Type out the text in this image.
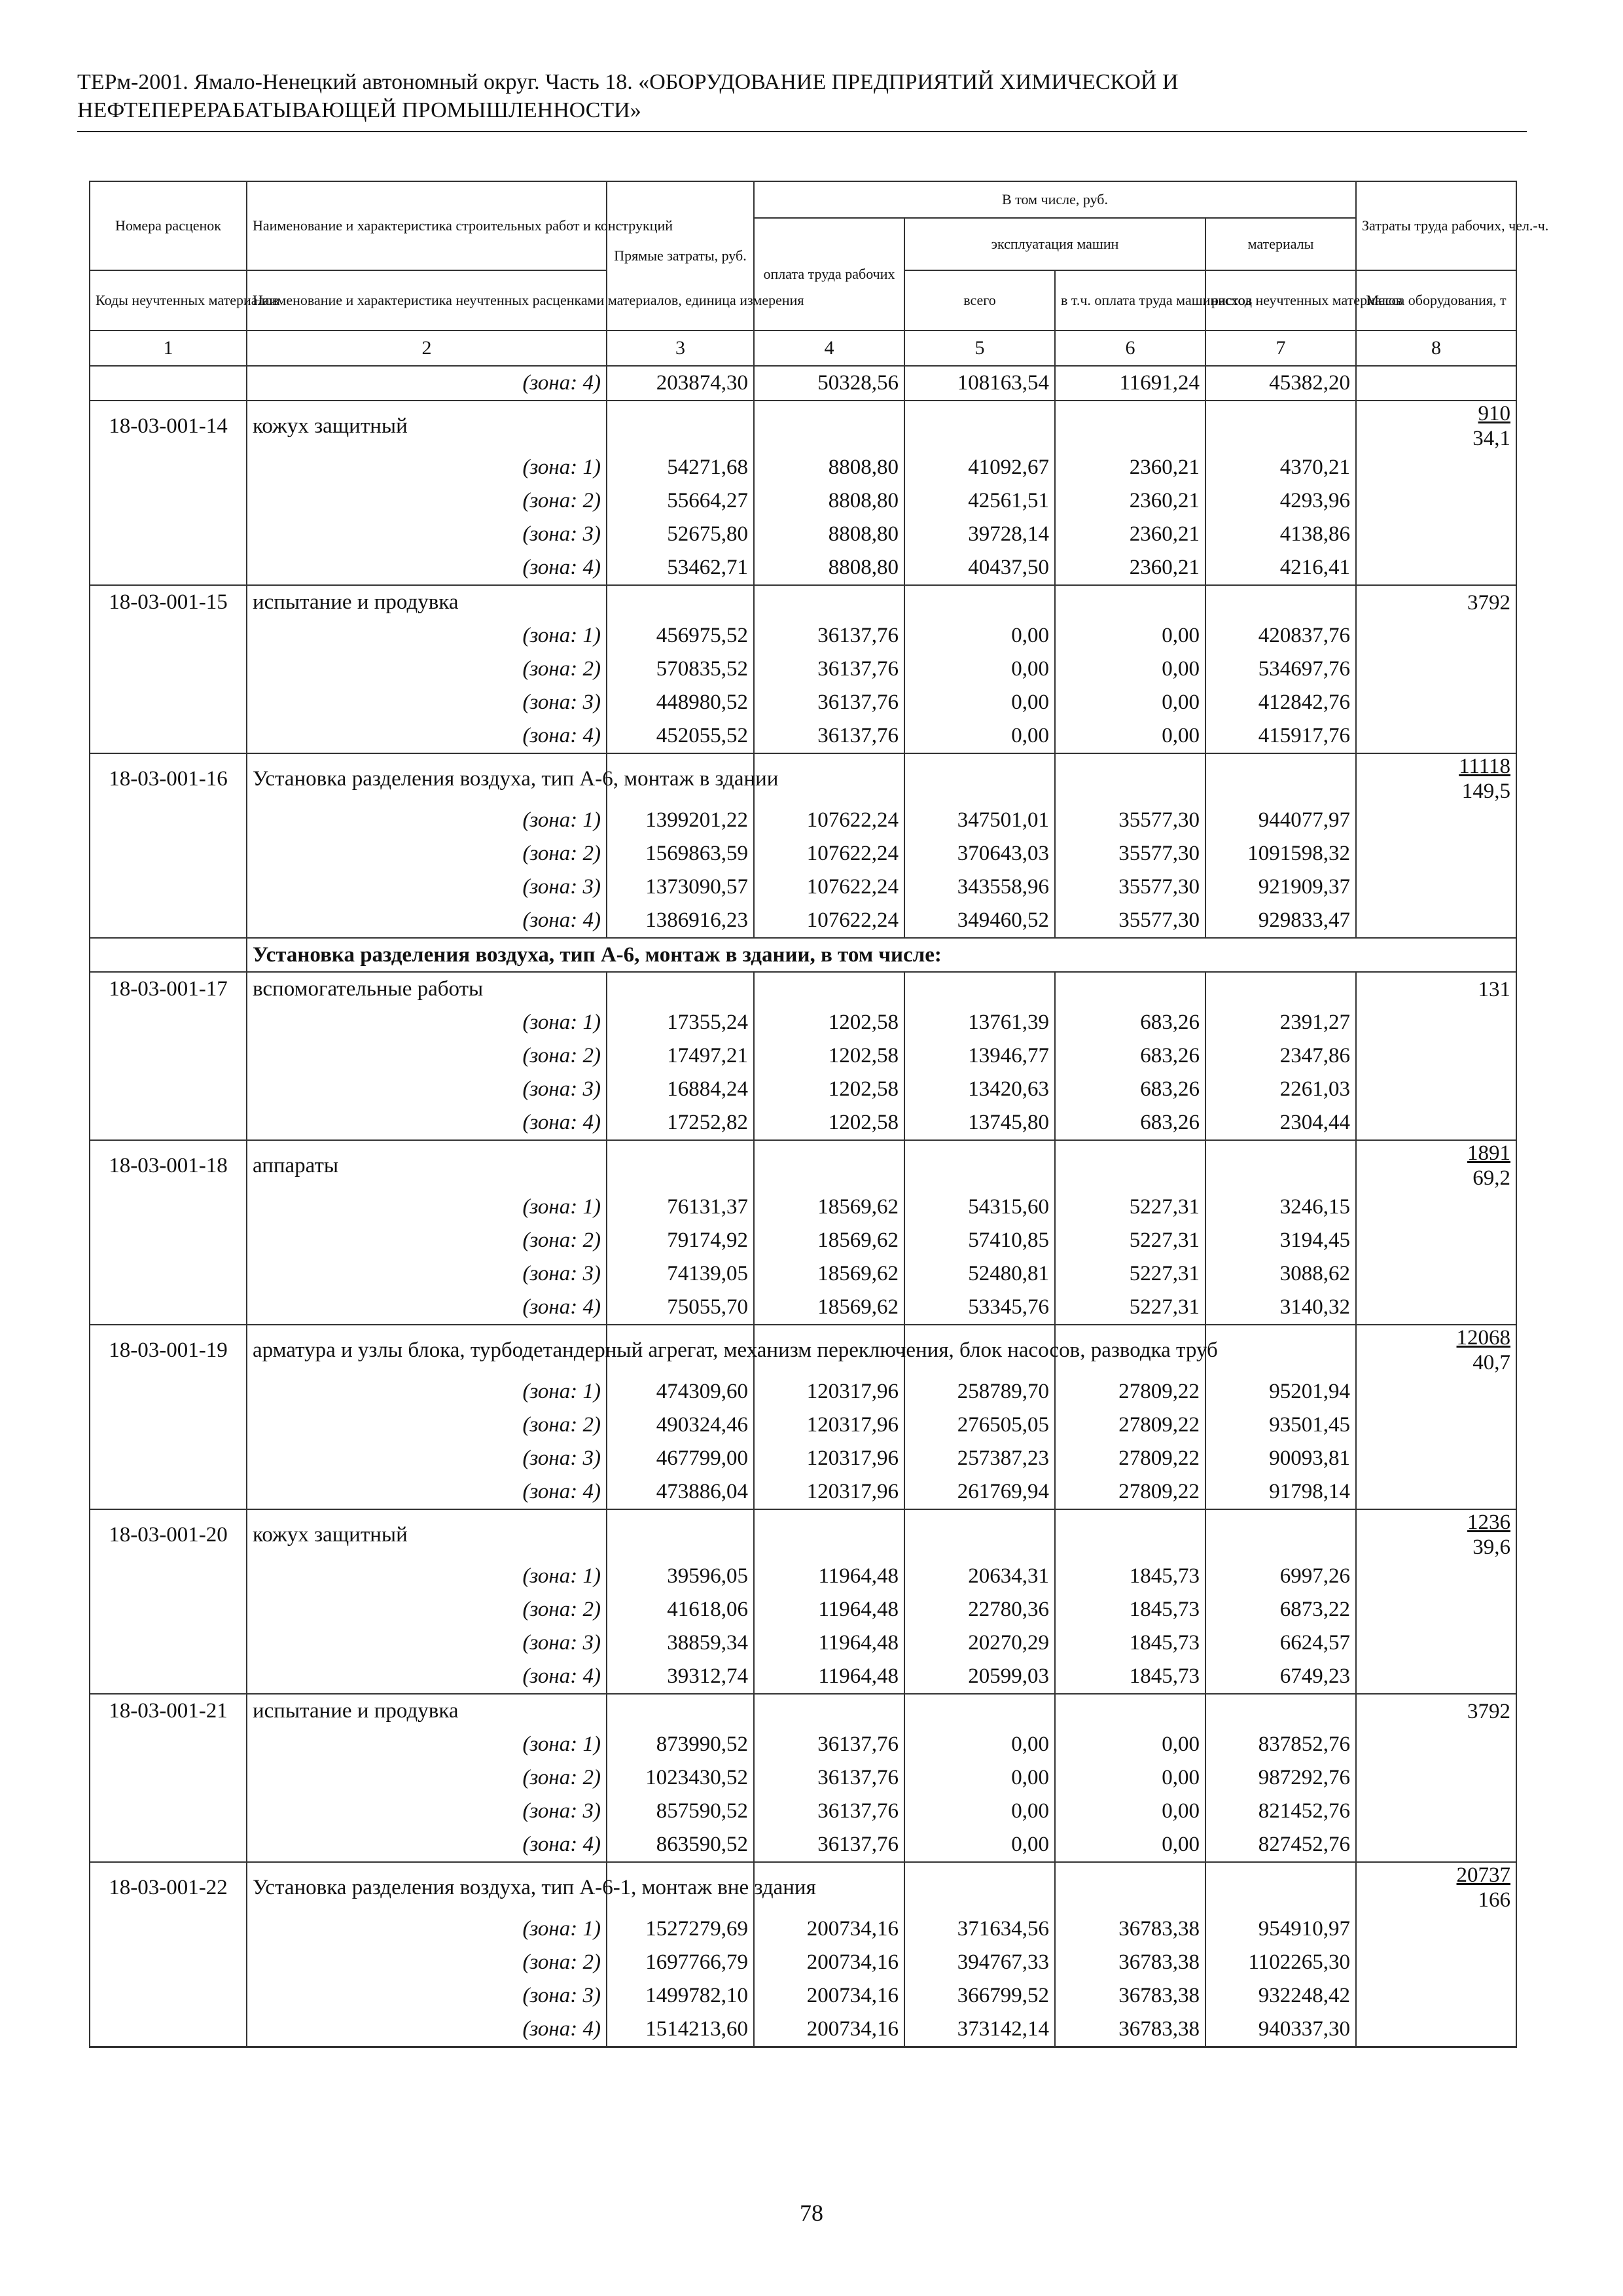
ТЕРм-2001. Ямало-Ненецкий автономный округ. Часть 18. «ОБОРУДОВАНИЕ ПРЕДПРИЯТИЙ ХИМИЧЕСКОЙ И
НЕФТЕПЕРЕРАБАТЫВАЮЩЕЙ ПРОМЫШЛЕННОСТИ»
Номера расценок	Наименование и характеристика строительных работ и конструкций	Прямые затраты, руб.	В том числе, руб.				Затраты труда рабочих, чел.-ч.
			оплата труда рабочих	эксплуатация машин		материалы	
Коды неучтенных материалов	Наименование и характеристика неучтенных расценками материалов, единица измерения			всего	в т.ч. оплата труда машинистов	расход неучтенных материалов	Масса оборудования, т
1	2	3	4	5	6	7	8
	(зона: 4)	203874,30	50328,56	108163,54	11691,24	45382,20	
18-03-001-14	кожух защитный						910
34,1

	(зона: 1)	54271,68	8808,80	41092,67	2360,21	4370,21	
	(зона: 2)	55664,27	8808,80	42561,51	2360,21	4293,96	
	(зона: 3)	52675,80	8808,80	39728,14	2360,21	4138,86	
	(зона: 4)	53462,71	8808,80	40437,50	2360,21	4216,41	
18-03-001-15	испытание и продувка						3792

	(зона: 1)	456975,52	36137,76	0,00	0,00	420837,76	
	(зона: 2)	570835,52	36137,76	0,00	0,00	534697,76	
	(зона: 3)	448980,52	36137,76	0,00	0,00	412842,76	
	(зона: 4)	452055,52	36137,76	0,00	0,00	415917,76	
18-03-001-16	Установка разделения воздуха, тип А-6, монтаж в здании						11118
149,5

	(зона: 1)	1399201,22	107622,24	347501,01	35577,30	944077,97	
	(зона: 2)	1569863,59	107622,24	370643,03	35577,30	1091598,32	
	(зона: 3)	1373090,57	107622,24	343558,96	35577,30	921909,37	
	(зона: 4)	1386916,23	107622,24	349460,52	35577,30	929833,47	
	Установка разделения воздуха, тип А-6, монтаж в здании, в том числе:						
18-03-001-17	вспомогательные работы						131

	(зона: 1)	17355,24	1202,58	13761,39	683,26	2391,27	
	(зона: 2)	17497,21	1202,58	13946,77	683,26	2347,86	
	(зона: 3)	16884,24	1202,58	13420,63	683,26	2261,03	
	(зона: 4)	17252,82	1202,58	13745,80	683,26	2304,44	
18-03-001-18	аппараты						1891
69,2

	(зона: 1)	76131,37	18569,62	54315,60	5227,31	3246,15	
	(зона: 2)	79174,92	18569,62	57410,85	5227,31	3194,45	
	(зона: 3)	74139,05	18569,62	52480,81	5227,31	3088,62	
	(зона: 4)	75055,70	18569,62	53345,76	5227,31	3140,32	
18-03-001-19	арматура и узлы блока, турбодетандерный агрегат, механизм переключения, блок насосов, разводка труб						12068
40,7

	(зона: 1)	474309,60	120317,96	258789,70	27809,22	95201,94	
	(зона: 2)	490324,46	120317,96	276505,05	27809,22	93501,45	
	(зона: 3)	467799,00	120317,96	257387,23	27809,22	90093,81	
	(зона: 4)	473886,04	120317,96	261769,94	27809,22	91798,14	
18-03-001-20	кожух защитный						1236
39,6

	(зона: 1)	39596,05	11964,48	20634,31	1845,73	6997,26	
	(зона: 2)	41618,06	11964,48	22780,36	1845,73	6873,22	
	(зона: 3)	38859,34	11964,48	20270,29	1845,73	6624,57	
	(зона: 4)	39312,74	11964,48	20599,03	1845,73	6749,23	
18-03-001-21	испытание и продувка						3792

	(зона: 1)	873990,52	36137,76	0,00	0,00	837852,76	
	(зона: 2)	1023430,52	36137,76	0,00	0,00	987292,76	
	(зона: 3)	857590,52	36137,76	0,00	0,00	821452,76	
	(зона: 4)	863590,52	36137,76	0,00	0,00	827452,76	
18-03-001-22	Установка разделения воздуха, тип А-6-1, монтаж вне здания						20737
166

	(зона: 1)	1527279,69	200734,16	371634,56	36783,38	954910,97	
	(зона: 2)	1697766,79	200734,16	394767,33	36783,38	1102265,30	
	(зона: 3)	1499782,10	200734,16	366799,52	36783,38	932248,42	
	(зона: 4)	1514213,60	200734,16	373142,14	36783,38	940337,30	
78
